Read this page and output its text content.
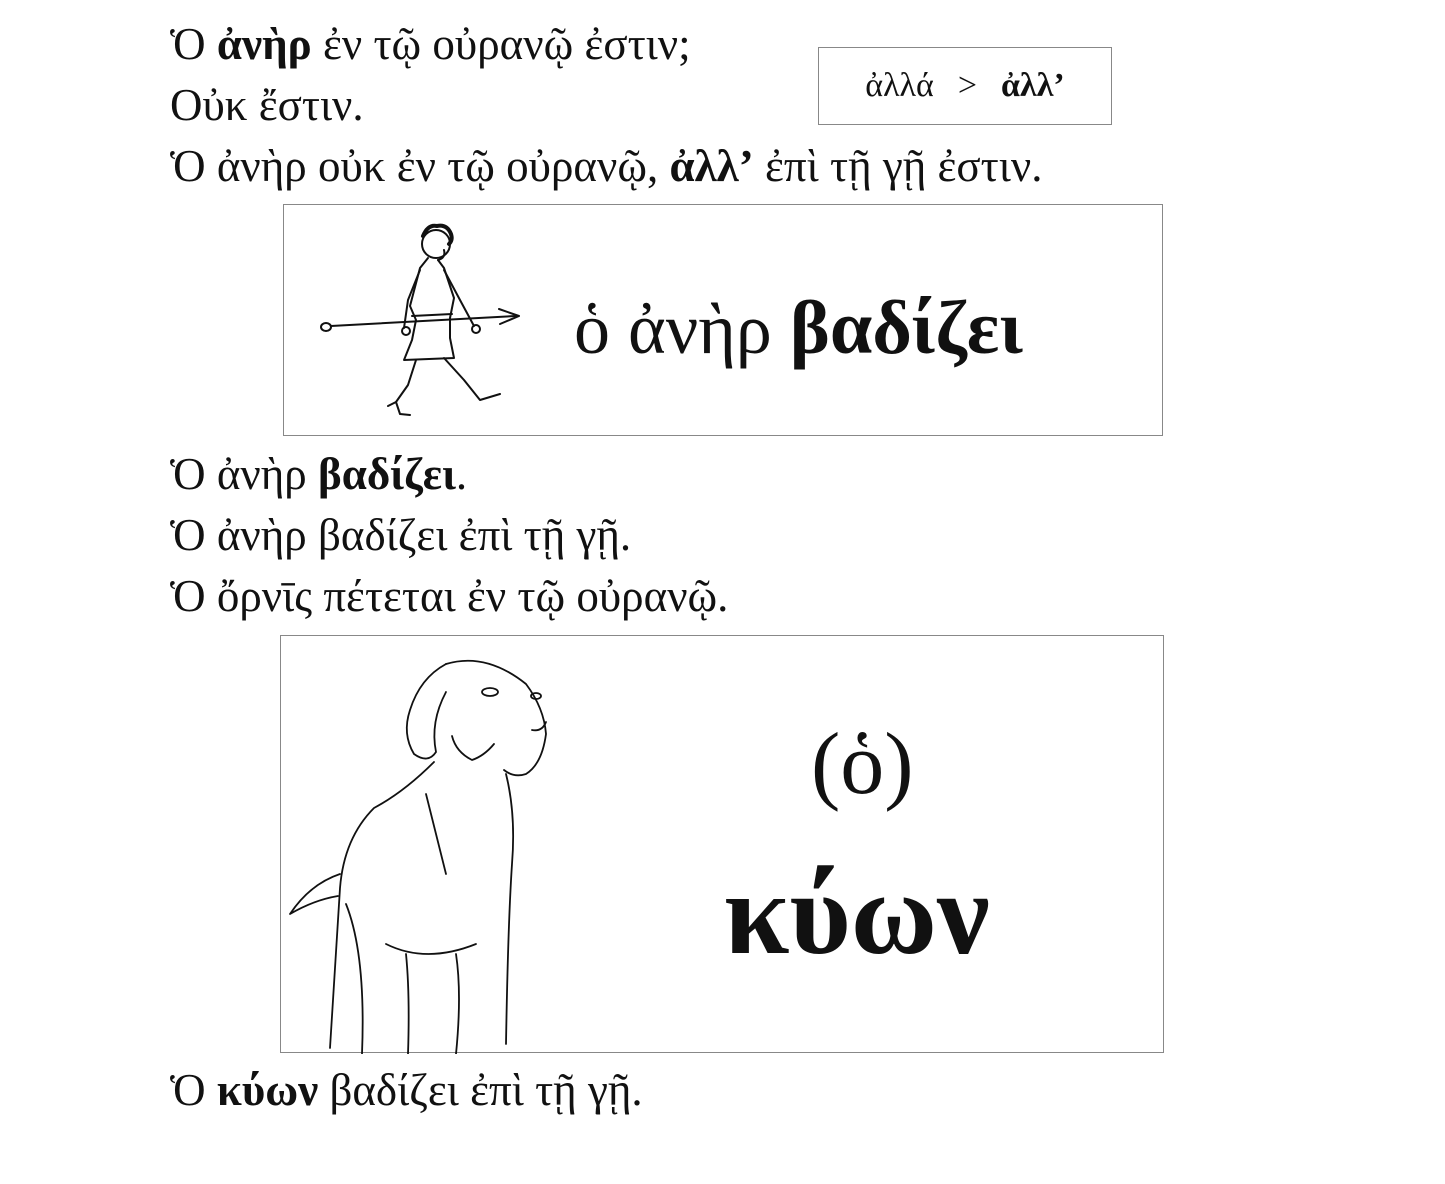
Ὁ ἀνὴρ ἐν τῷ οὐρανῷ ἐστιν;
Οὐκ ἔστιν.
Ὁ ἀνὴρ οὐκ ἐν τῷ οὐρανῷ, ἀλλ’ ἐπὶ τῇ γῇ ἐστιν.
ἀλλά > ἀλλ’
ὁ ἀνὴρ βαδίζει
Ὁ ἀνὴρ βαδίζει.
Ὁ ἀνὴρ βαδίζει ἐπὶ τῇ γῇ.
Ὁ ὄρνῑς πέτεται ἐν τῷ οὐρανῷ.
(ὁ)
κύων
Ὁ κύων βαδίζει ἐπὶ τῇ γῇ.
